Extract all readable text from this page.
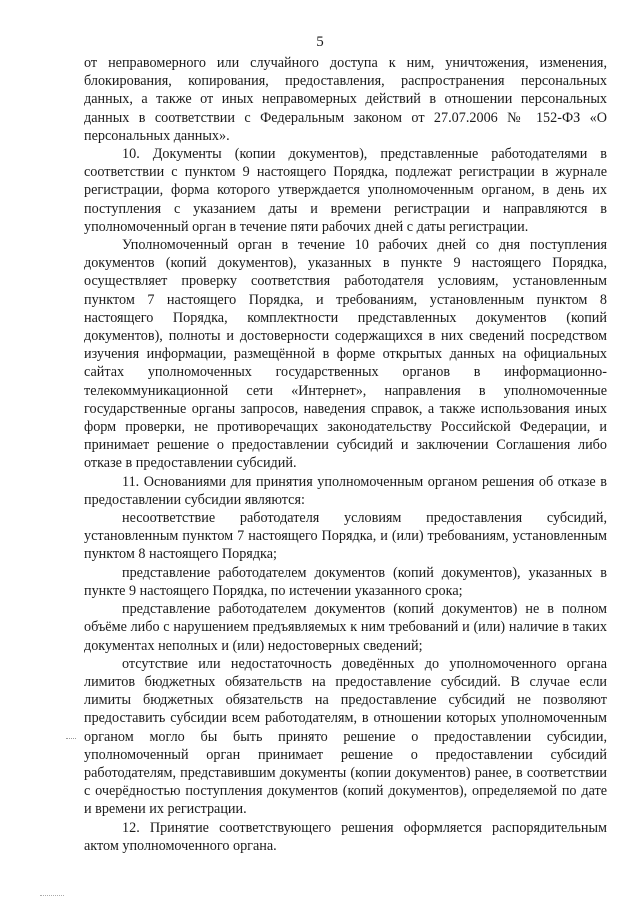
5

от неправомерного или случайного доступа к ним, уничтожения, изменения, блокирования, копирования, предоставления, распространения персональных данных, а также от иных неправомерных действий в отношении персональных данных в соответствии с Федеральным законом от 27.07.2006 № 152-ФЗ «О персональных данных».

10. Документы (копии документов), представленные работодателями в соответствии с пунктом 9 настоящего Порядка, подлежат регистрации в журнале регистрации, форма которого утверждается уполномоченным органом, в день их поступления с указанием даты и времени регистрации и направляются в уполномоченный орган в течение пяти рабочих дней с даты регистрации.

Уполномоченный орган в течение 10 рабочих дней со дня поступления документов (копий документов), указанных в пункте 9 настоящего Порядка, осуществляет проверку соответствия работодателя условиям, установленным пунктом 7 настоящего Порядка, и требованиям, установленным пунктом 8 настоящего Порядка, комплектности представленных документов (копий документов), полноты и достоверности содержащихся в них сведений посредством изучения информации, размещённой в форме открытых данных на официальных сайтах уполномоченных государственных органов в информационно-телекоммуникационной сети «Интернет», направления в уполномоченные государственные органы запросов, наведения справок, а также использования иных форм проверки, не противоречащих законодательству Российской Федерации, и принимает решение о предоставлении субсидий и заключении Соглашения либо отказе в предоставлении субсидий.

11. Основаниями для принятия уполномоченным органом решения об отказе в предоставлении субсидии являются:

несоответствие работодателя условиям предоставления субсидий, установленным пунктом 7 настоящего Порядка, и (или) требованиям, установленным пунктом 8 настоящего Порядка;

представление работодателем документов (копий документов), указанных в пункте 9 настоящего Порядка, по истечении указанного срока;

представление работодателем документов (копий документов) не в полном объёме либо с нарушением предъявляемых к ним требований и (или) наличие в таких документах неполных и (или) недостоверных сведений;

отсутствие или недостаточность доведённых до уполномоченного органа лимитов бюджетных обязательств на предоставление субсидий. В случае если лимиты бюджетных обязательств на предоставление субсидий не позволяют предоставить субсидии всем работодателям, в отношении которых уполномоченным органом могло бы быть принято решение о предоставлении субсидии, уполномоченный орган принимает решение о предоставлении субсидий работодателям, представившим документы (копии документов) ранее, в соответствии с очерёдностью поступления документов (копий документов), определяемой по дате и времени их регистрации.

12. Принятие соответствующего решения оформляется распорядительным актом уполномоченного органа.
